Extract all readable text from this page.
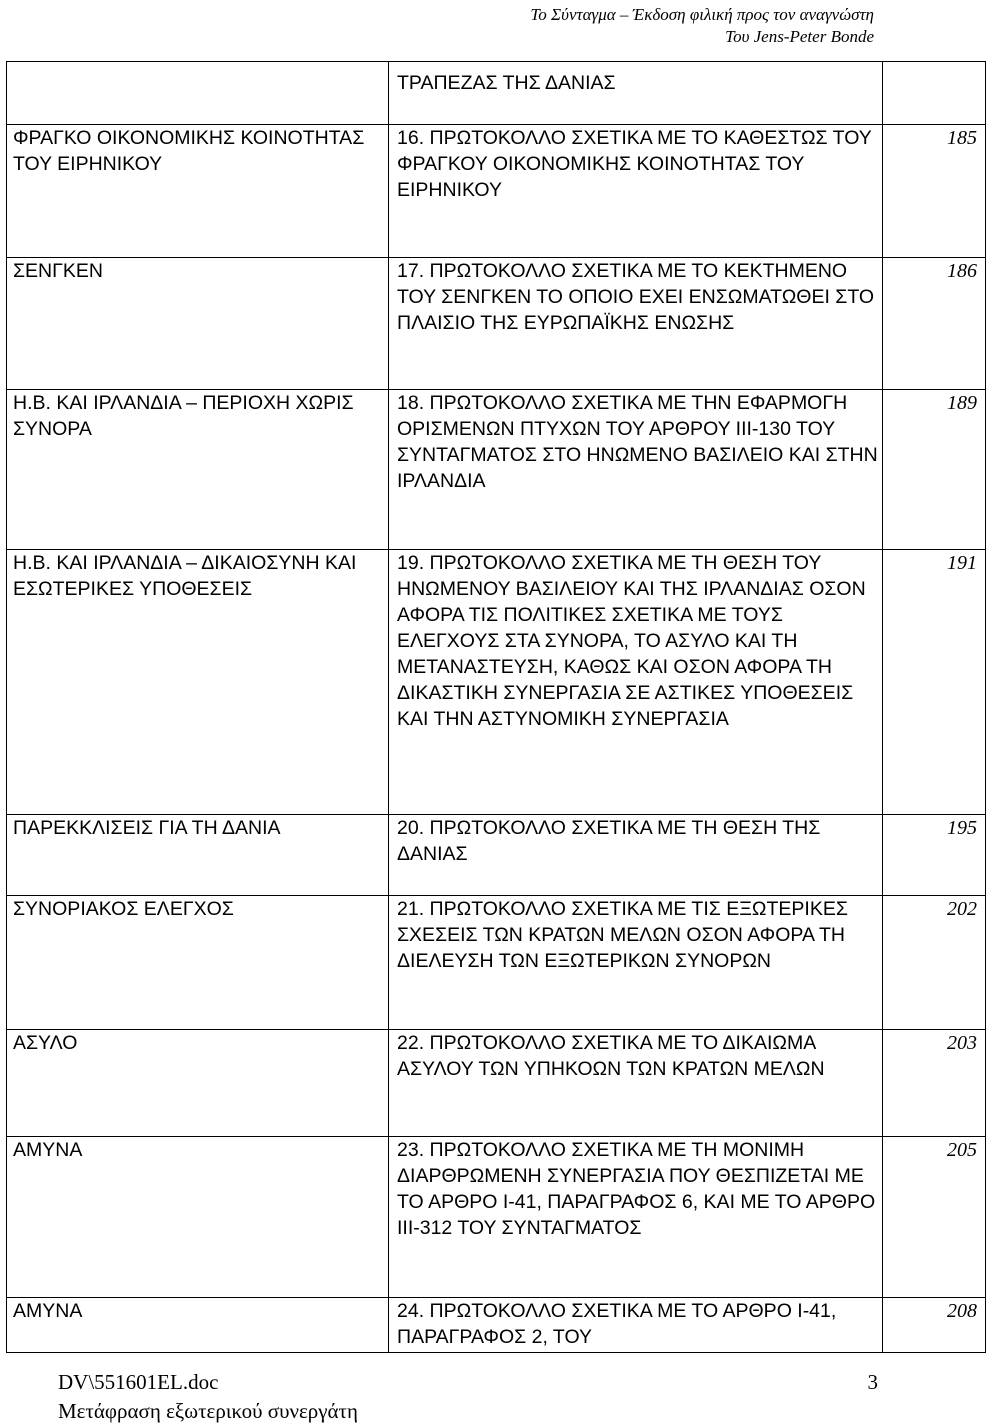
Το Σύνταγμα – Έκδοση φιλική προς τον αναγνώστη
Του Jens-Peter Bonde
	ΤΡΑΠΕΖΑΣ ΤΗΣ ΔΑΝΙΑΣ	
ΦΡΑΓΚΟ ΟΙΚΟΝΟΜΙΚΗΣ ΚΟΙΝΟΤΗΤΑΣ ΤΟΥ ΕΙΡΗΝΙΚΟΥ	16. ΠΡΩΤΟΚΟΛΛΟ ΣΧΕΤΙΚΑ ΜΕ ΤΟ ΚΑΘΕΣΤΩΣ ΤΟΥ ΦΡΑΓΚΟΥ ΟΙΚΟΝΟΜΙΚΗΣ ΚΟΙΝΟΤΗΤΑΣ ΤΟΥ ΕΙΡΗΝΙΚΟΥ	185
ΣΕΝΓΚΕΝ	17. ΠΡΩΤΟΚΟΛΛΟ ΣΧΕΤΙΚΑ ΜΕ ΤΟ ΚΕΚΤΗΜΕΝΟ ΤΟΥ ΣΕΝΓΚΕΝ ΤΟ ΟΠΟΙΟ ΕΧΕΙ ΕΝΣΩΜΑΤΩΘΕΙ ΣΤΟ ΠΛΑΙΣΙΟ ΤΗΣ ΕΥΡΩΠΑΪΚΗΣ ΕΝΩΣΗΣ	186
Η.Β. ΚΑΙ ΙΡΛΑΝΔΙΑ – ΠΕΡΙΟΧΗ ΧΩΡΙΣ ΣΥΝΟΡΑ	18. ΠΡΩΤΟΚΟΛΛΟ ΣΧΕΤΙΚΑ ΜΕ ΤΗΝ ΕΦΑΡΜΟΓΗ ΟΡΙΣΜΕΝΩΝ ΠΤΥΧΩΝ ΤΟΥ ΑΡΘΡΟΥ ΙΙΙ-130 ΤΟΥ ΣΥΝΤΑΓΜΑΤΟΣ ΣΤΟ ΗΝΩΜΕΝΟ ΒΑΣΙΛΕΙΟ ΚΑΙ ΣΤΗΝ ΙΡΛΑΝΔΙΑ	189
Η.Β. ΚΑΙ ΙΡΛΑΝΔΙΑ – ΔΙΚΑΙΟΣΥΝΗ ΚΑΙ ΕΣΩΤΕΡΙΚΕΣ ΥΠΟΘΕΣΕΙΣ	19. ΠΡΩΤΟΚΟΛΛΟ ΣΧΕΤΙΚΑ ΜΕ ΤΗ ΘΕΣΗ ΤΟΥ ΗΝΩΜΕΝΟΥ ΒΑΣΙΛΕΙΟΥ ΚΑΙ ΤΗΣ ΙΡΛΑΝΔΙΑΣ ΟΣΟΝ ΑΦΟΡΑ ΤΙΣ ΠΟΛΙΤΙΚΕΣ ΣΧΕΤΙΚΑ ΜΕ ΤΟΥΣ ΕΛΕΓΧΟΥΣ ΣΤΑ ΣΥΝΟΡΑ, ΤΟ ΑΣΥΛΟ ΚΑΙ ΤΗ ΜΕΤΑΝΑΣΤΕΥΣΗ, ΚΑΘΩΣ ΚΑΙ ΟΣΟΝ ΑΦΟΡΑ ΤΗ ΔΙΚΑΣΤΙΚΗ ΣΥΝΕΡΓΑΣΙΑ ΣΕ ΑΣΤΙΚΕΣ ΥΠΟΘΕΣΕΙΣ ΚΑΙ ΤΗΝ ΑΣΤΥΝΟΜΙΚΗ ΣΥΝΕΡΓΑΣΙΑ	191
ΠΑΡΕΚΚΛΙΣΕΙΣ ΓΙΑ ΤΗ ΔΑΝΙΑ	20. ΠΡΩΤΟΚΟΛΛΟ ΣΧΕΤΙΚΑ ΜΕ ΤΗ ΘΕΣΗ ΤΗΣ ΔΑΝΙΑΣ	195
ΣΥΝΟΡΙΑΚΟΣ ΕΛΕΓΧΟΣ	21. ΠΡΩΤΟΚΟΛΛΟ ΣΧΕΤΙΚΑ ΜΕ ΤΙΣ ΕΞΩΤΕΡΙΚΕΣ ΣΧΕΣΕΙΣ ΤΩΝ ΚΡΑΤΩΝ ΜΕΛΩΝ ΟΣΟΝ ΑΦΟΡΑ ΤΗ ΔΙΕΛΕΥΣΗ ΤΩΝ ΕΞΩΤΕΡΙΚΩΝ ΣΥΝΟΡΩΝ	202
ΑΣΥΛΟ	22. ΠΡΩΤΟΚΟΛΛΟ ΣΧΕΤΙΚΑ ΜΕ ΤΟ ΔΙΚΑΙΩΜΑ ΑΣΥΛΟΥ ΤΩΝ ΥΠΗΚΟΩΝ ΤΩΝ ΚΡΑΤΩΝ ΜΕΛΩΝ	203
ΑΜΥΝΑ	23. ΠΡΩΤΟΚΟΛΛΟ ΣΧΕΤΙΚΑ ΜΕ ΤΗ ΜΟΝΙΜΗ ΔΙΑΡΘΡΩΜΕΝΗ ΣΥΝΕΡΓΑΣΙΑ ΠΟΥ ΘΕΣΠΙΖΕΤΑΙ ΜΕ ΤΟ ΑΡΘΡΟ Ι-41, ΠΑΡΑΓΡΑΦΟΣ 6, ΚΑΙ ΜΕ ΤΟ ΑΡΘΡΟ ΙΙΙ-312 ΤΟΥ ΣΥΝΤΑΓΜΑΤΟΣ	205
ΑΜΥΝΑ	24. ΠΡΩΤΟΚΟΛΛΟ ΣΧΕΤΙΚΑ ΜΕ ΤΟ ΑΡΘΡΟ Ι-41, ΠΑΡΑΓΡΑΦΟΣ 2, ΤΟΥ	208
DV\551601EL.doc
Μετάφραση εξωτερικού συνεργάτη
3
